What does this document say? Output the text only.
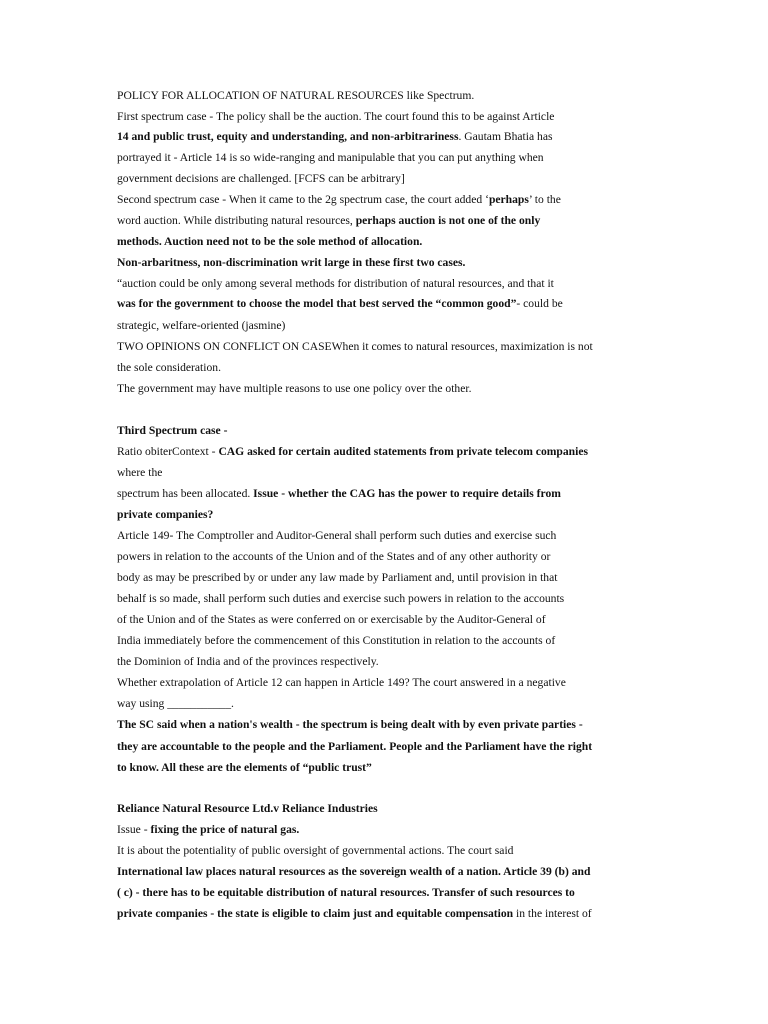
POLICY FOR ALLOCATION OF NATURAL RESOURCES like Spectrum.
First spectrum case - The policy shall be the auction. The court found this to be against Article
14 and public trust, equity and understanding, and non-arbitrariness. Gautam Bhatia has
portrayed it - Article 14 is so wide-ranging and manipulable that you can put anything when
government decisions are challenged. [FCFS can be arbitrary]
Second spectrum case - When it came to the 2g spectrum case, the court added ‘perhaps’ to the
word auction. While distributing natural resources, perhaps auction is not one of the only
methods. Auction need not to be the sole method of allocation.
Non-arbaritness, non-discrimination writ large in these first two cases.
“auction could be only among several methods for distribution of natural resources, and that it
was for the government to choose the model that best served the “common good”- could be
strategic, welfare-oriented (jasmine)
TWO OPINIONS ON CONFLICT ON CASEWhen it comes to natural resources, maximization is not
the sole consideration.
The government may have multiple reasons to use one policy over the other.
Third Spectrum case -
Ratio obiterContext - CAG asked for certain audited statements from private telecom companies
where the
spectrum has been allocated. Issue - whether the CAG has the power to require details from
private companies?
Article 149- The Comptroller and Auditor-General shall perform such duties and exercise such
powers in relation to the accounts of the Union and of the States and of any other authority or
body as may be prescribed by or under any law made by Parliament and, until provision in that
behalf is so made, shall perform such duties and exercise such powers in relation to the accounts
of the Union and of the States as were conferred on or exercisable by the Auditor-General of
India immediately before the commencement of this Constitution in relation to the accounts of
the Dominion of India and of the provinces respectively.
Whether extrapolation of Article 12 can happen in Article 149? The court answered in a negative
way using ___________.
The SC said when a nation's wealth - the spectrum is being dealt with by even private parties -
they are accountable to the people and the Parliament. People and the Parliament have the right
to know. All these are the elements of “public trust”
Reliance Natural Resource Ltd.v Reliance Industries
Issue - fixing the price of natural gas.
It is about the potentiality of public oversight of governmental actions. The court said
International law places natural resources as the sovereign wealth of a nation. Article 39 (b) and
( c) - there has to be equitable distribution of natural resources. Transfer of such resources to
private companies - the state is eligible to claim just and equitable compensation in the interest of
